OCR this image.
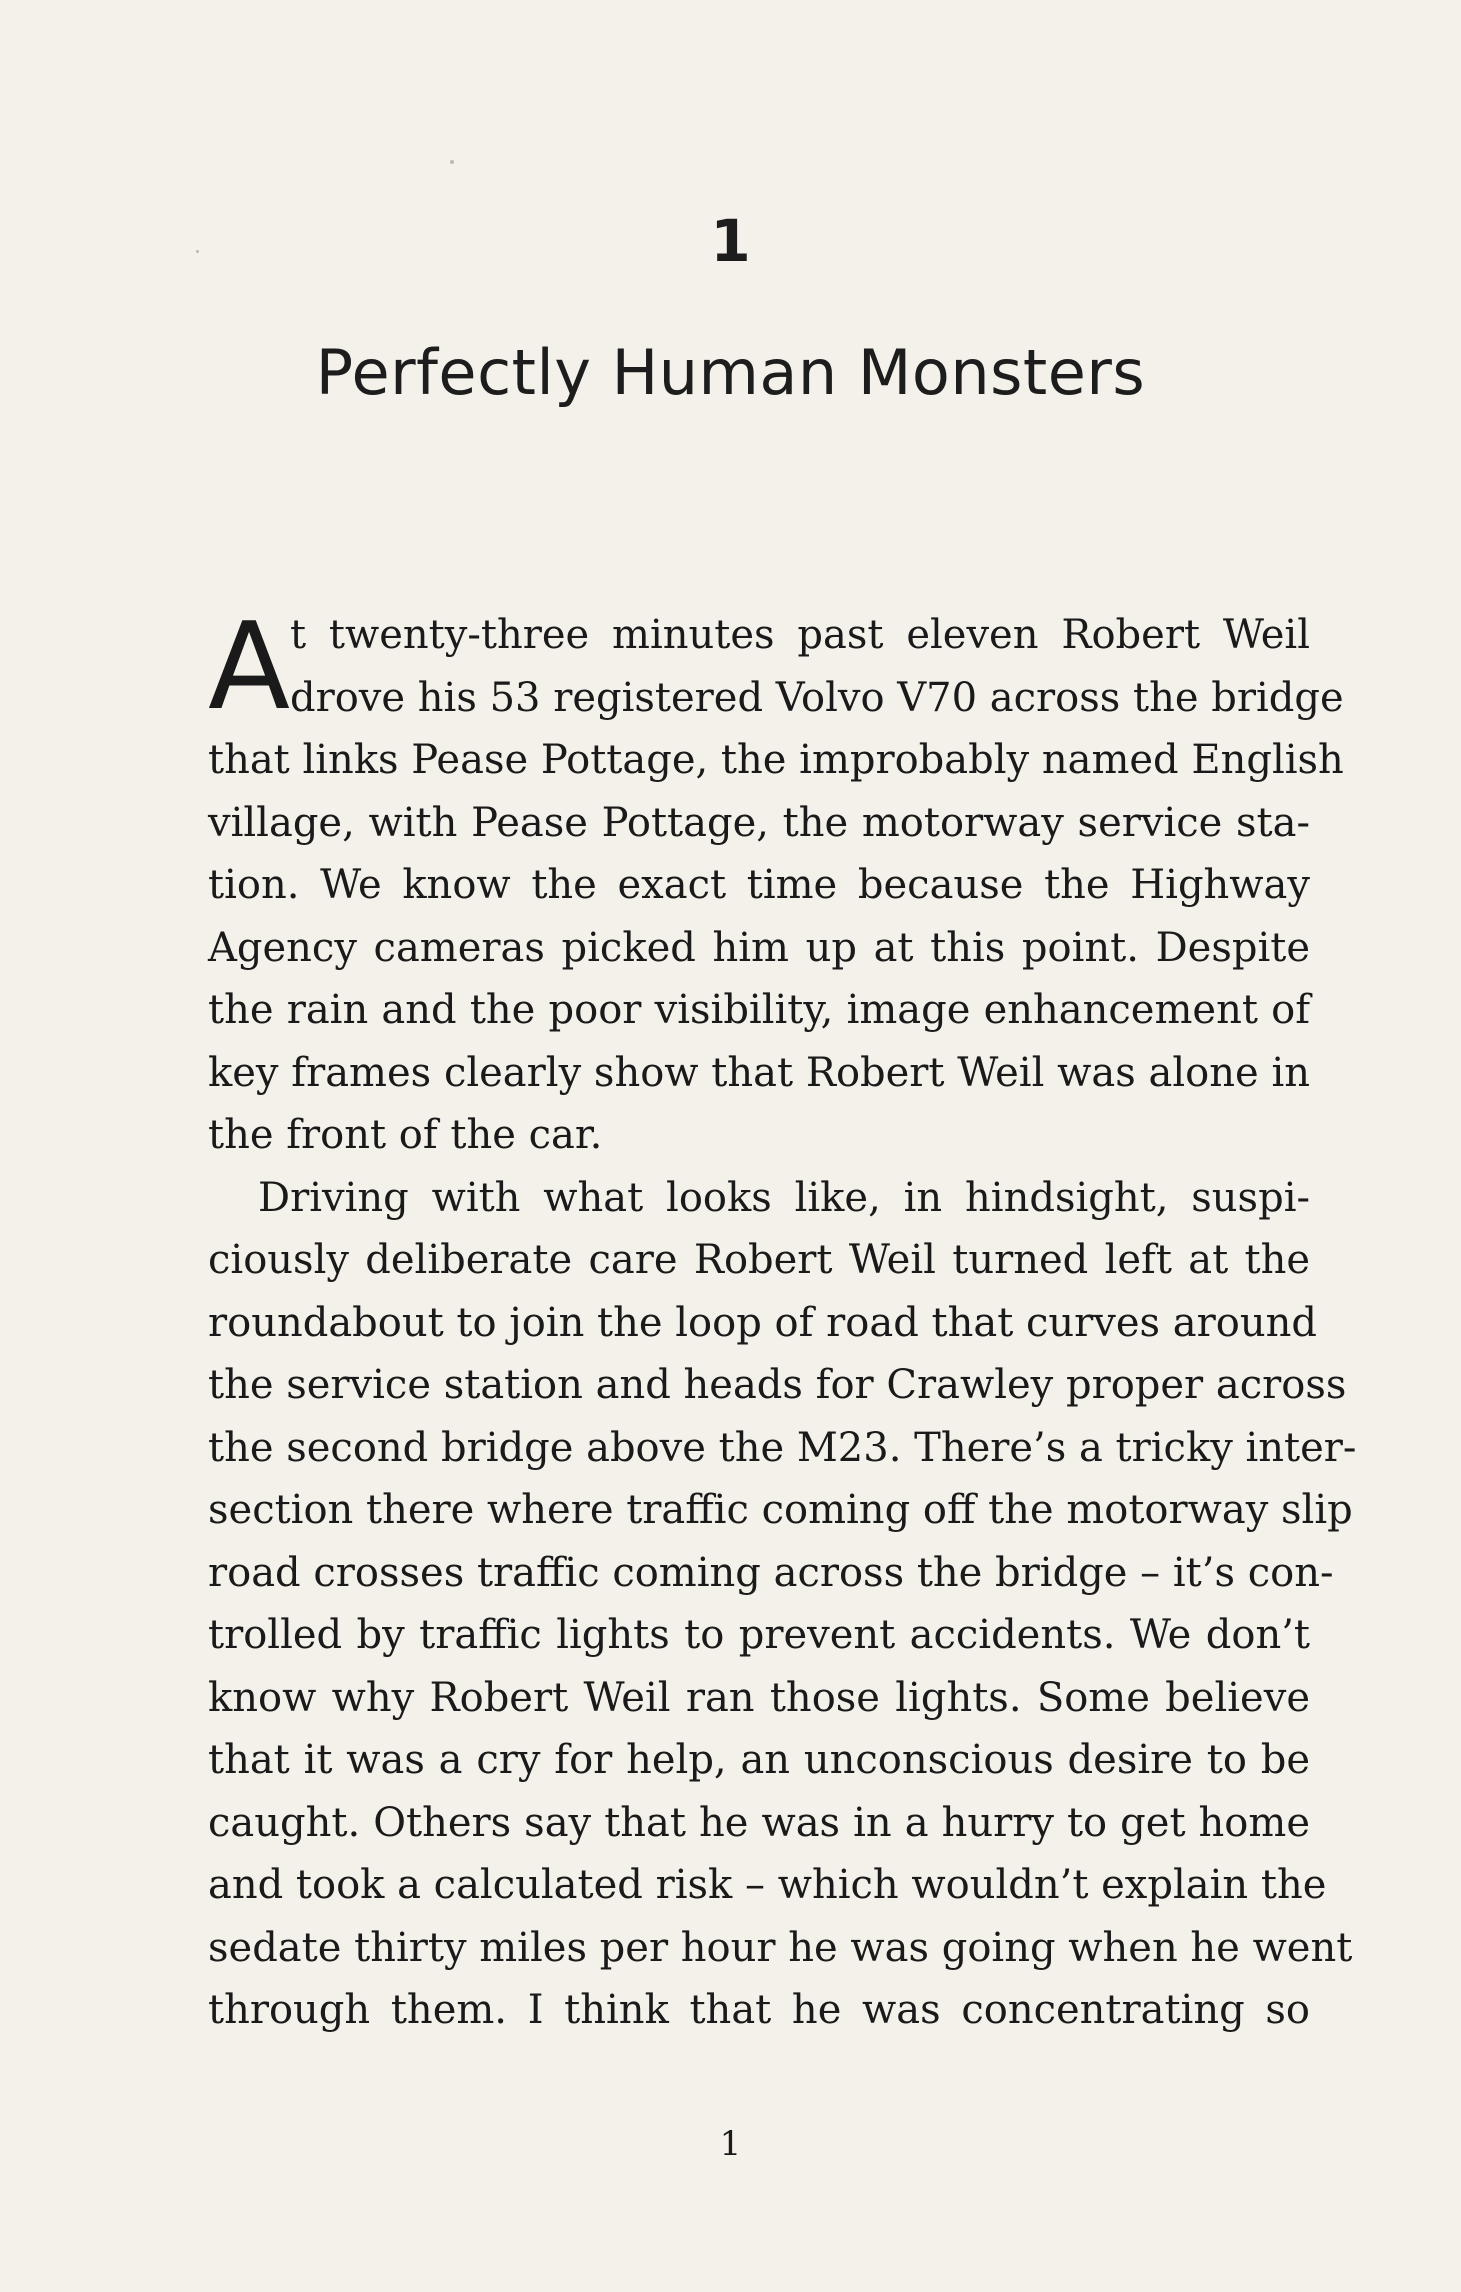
1
Perfectly Human Monsters
A t twenty-three minutes past eleven Robert Weil
drove his 53 registered Volvo V70 across the bridge
that links Pease Pottage, the improbably named English
village, with Pease Pottage, the motorway service sta-
tion. We know the exact time because the Highway
Agency cameras picked him up at this point. Despite
the rain and the poor visibility, image enhancement of
key frames clearly show that Robert Weil was alone in
the front of the car.
Driving with what looks like, in hindsight, suspi-
ciously deliberate care Robert Weil turned left at the
roundabout to join the loop of road that curves around
the service station and heads for Crawley proper across
the second bridge above the M23. There’s a tricky inter-
section there where traffic coming off the motorway slip
road crosses traffic coming across the bridge – it’s con-
trolled by traffic lights to prevent accidents. We don’t
know why Robert Weil ran those lights. Some believe
that it was a cry for help, an unconscious desire to be
caught. Others say that he was in a hurry to get home
and took a calculated risk – which wouldn’t explain the
sedate thirty miles per hour he was going when he went
through them. I think that he was concentrating so
1
